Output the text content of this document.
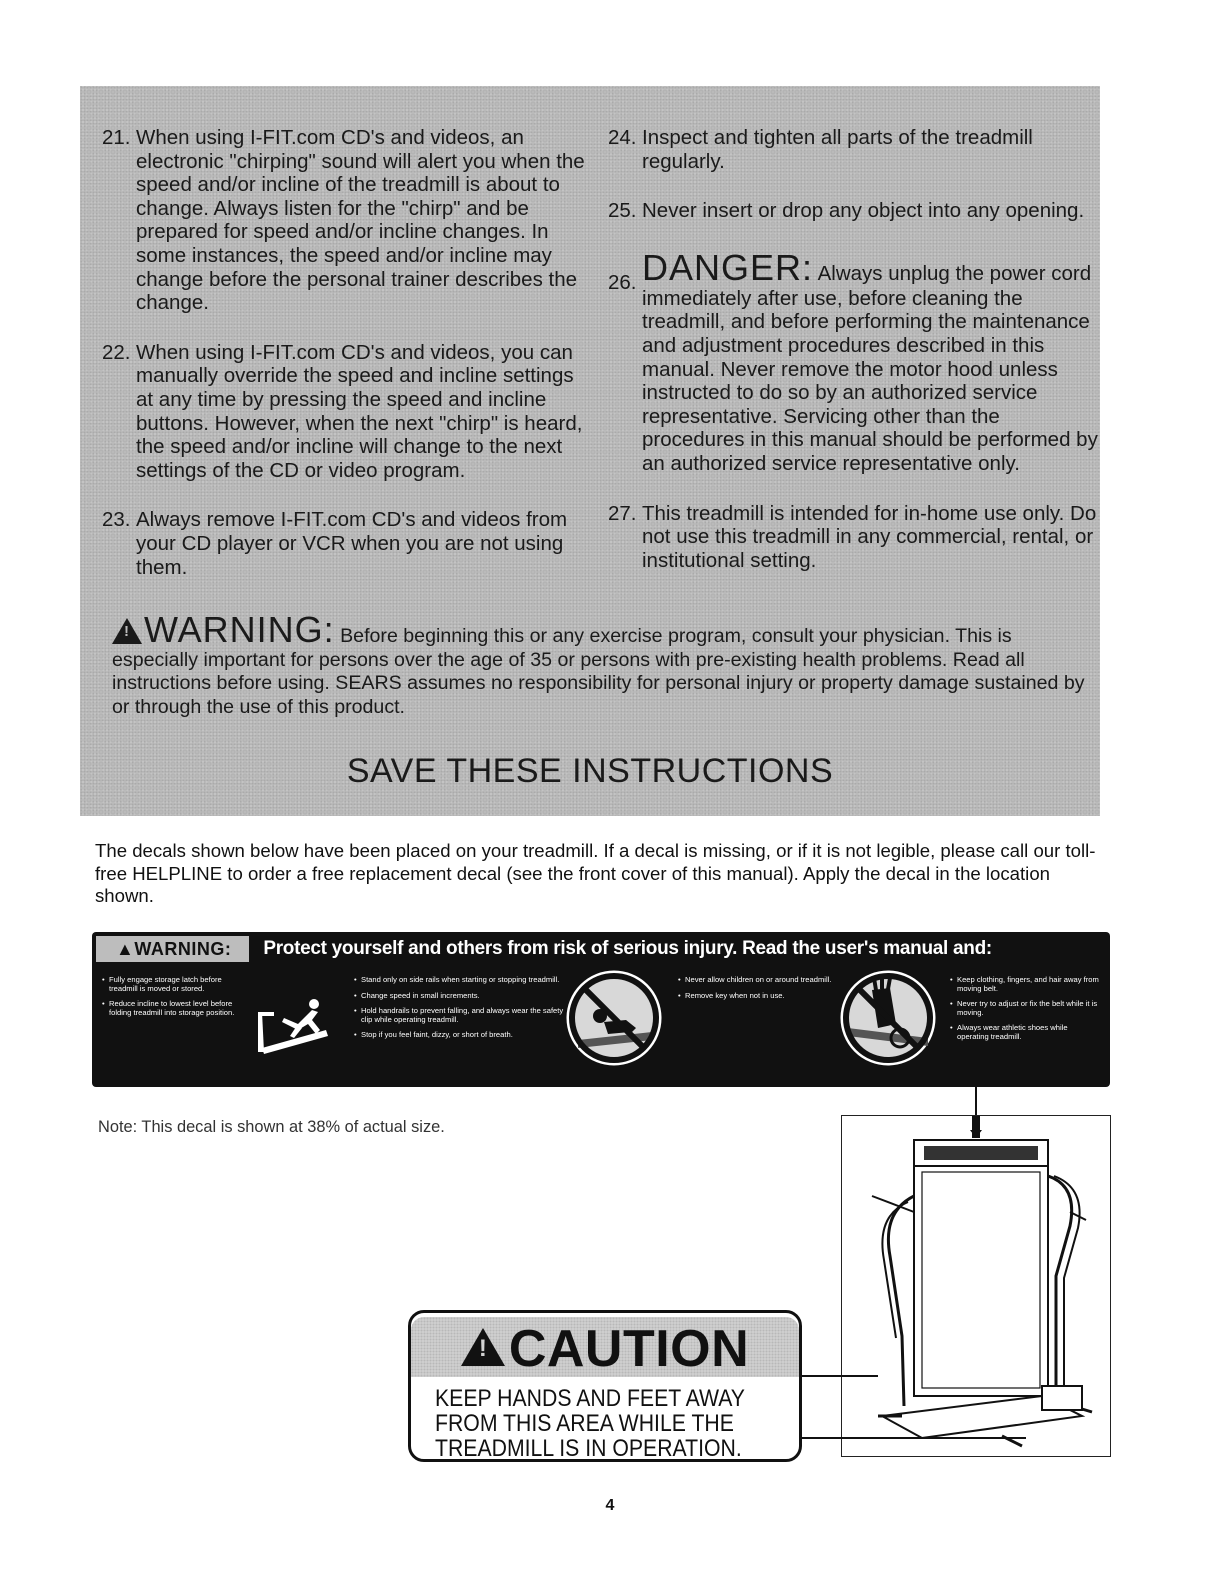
21. When using I-FIT.com CD's and videos, an electronic "chirping" sound will alert you when the speed and/or incline of the treadmill is about to change. Always listen for the "chirp" and be prepared for speed and/or incline changes. In some instances, the speed and/or incline may change before the personal trainer describes the change.
22. When using I-FIT.com CD's and videos, you can manually override the speed and incline settings at any time by pressing the speed and incline buttons. However, when the next "chirp" is heard, the speed and/or incline will change to the next settings of the CD or video program.
23. Always remove I-FIT.com CD's and videos from your CD player or VCR when you are not using them.
24. Inspect and tighten all parts of the treadmill regularly.
25. Never insert or drop any object into any opening.
26. DANGER: Always unplug the power cord immediately after use, before cleaning the treadmill, and before performing the maintenance and adjustment procedures described in this manual. Never remove the motor hood unless instructed to do so by an authorized service representative. Servicing other than the procedures in this manual should be performed by an authorized service representative only.
27. This treadmill is intended for in-home use only. Do not use this treadmill in any commercial, rental, or institutional setting.
!WARNING: Before beginning this or any exercise program, consult your physician. This is especially important for persons over the age of 35 or persons with pre-existing health problems. Read all instructions before using. SEARS assumes no responsibility for personal injury or property damage sustained by or through the use of this product.
SAVE THESE INSTRUCTIONS
The decals shown below have been placed on your treadmill. If a decal is missing, or if it is not legible, please call our toll-free HELPLINE to order a free replacement decal (see the front cover of this manual). Apply the decal in the location shown.
▲WARNING:	Protect yourself and others from risk of serious injury. Read the user's manual and:

• Fully engage storage latch before treadmill is moved or stored.

• Reduce incline to lowest level before folding treadmill into storage position.

• Stand only on side rails when starting or stopping treadmill.

• Change speed in small increments.

• Hold handrails to prevent falling, and always wear the safety clip while operating treadmill.

• Stop if you feel faint, dizzy, or short of breath.

• Never allow children on or around treadmill.

• Remove key when not in use.

• Keep clothing, fingers, and hair away from moving belt.

• Never try to adjust or fix the belt while it is moving.

• Always wear athletic shoes while operating treadmill.

Note: This decal is shown at 38% of actual size.
!CAUTION
KEEP HANDS AND FEET AWAY
FROM THIS AREA WHILE THE
TREADMILL IS IN OPERATION.
4
